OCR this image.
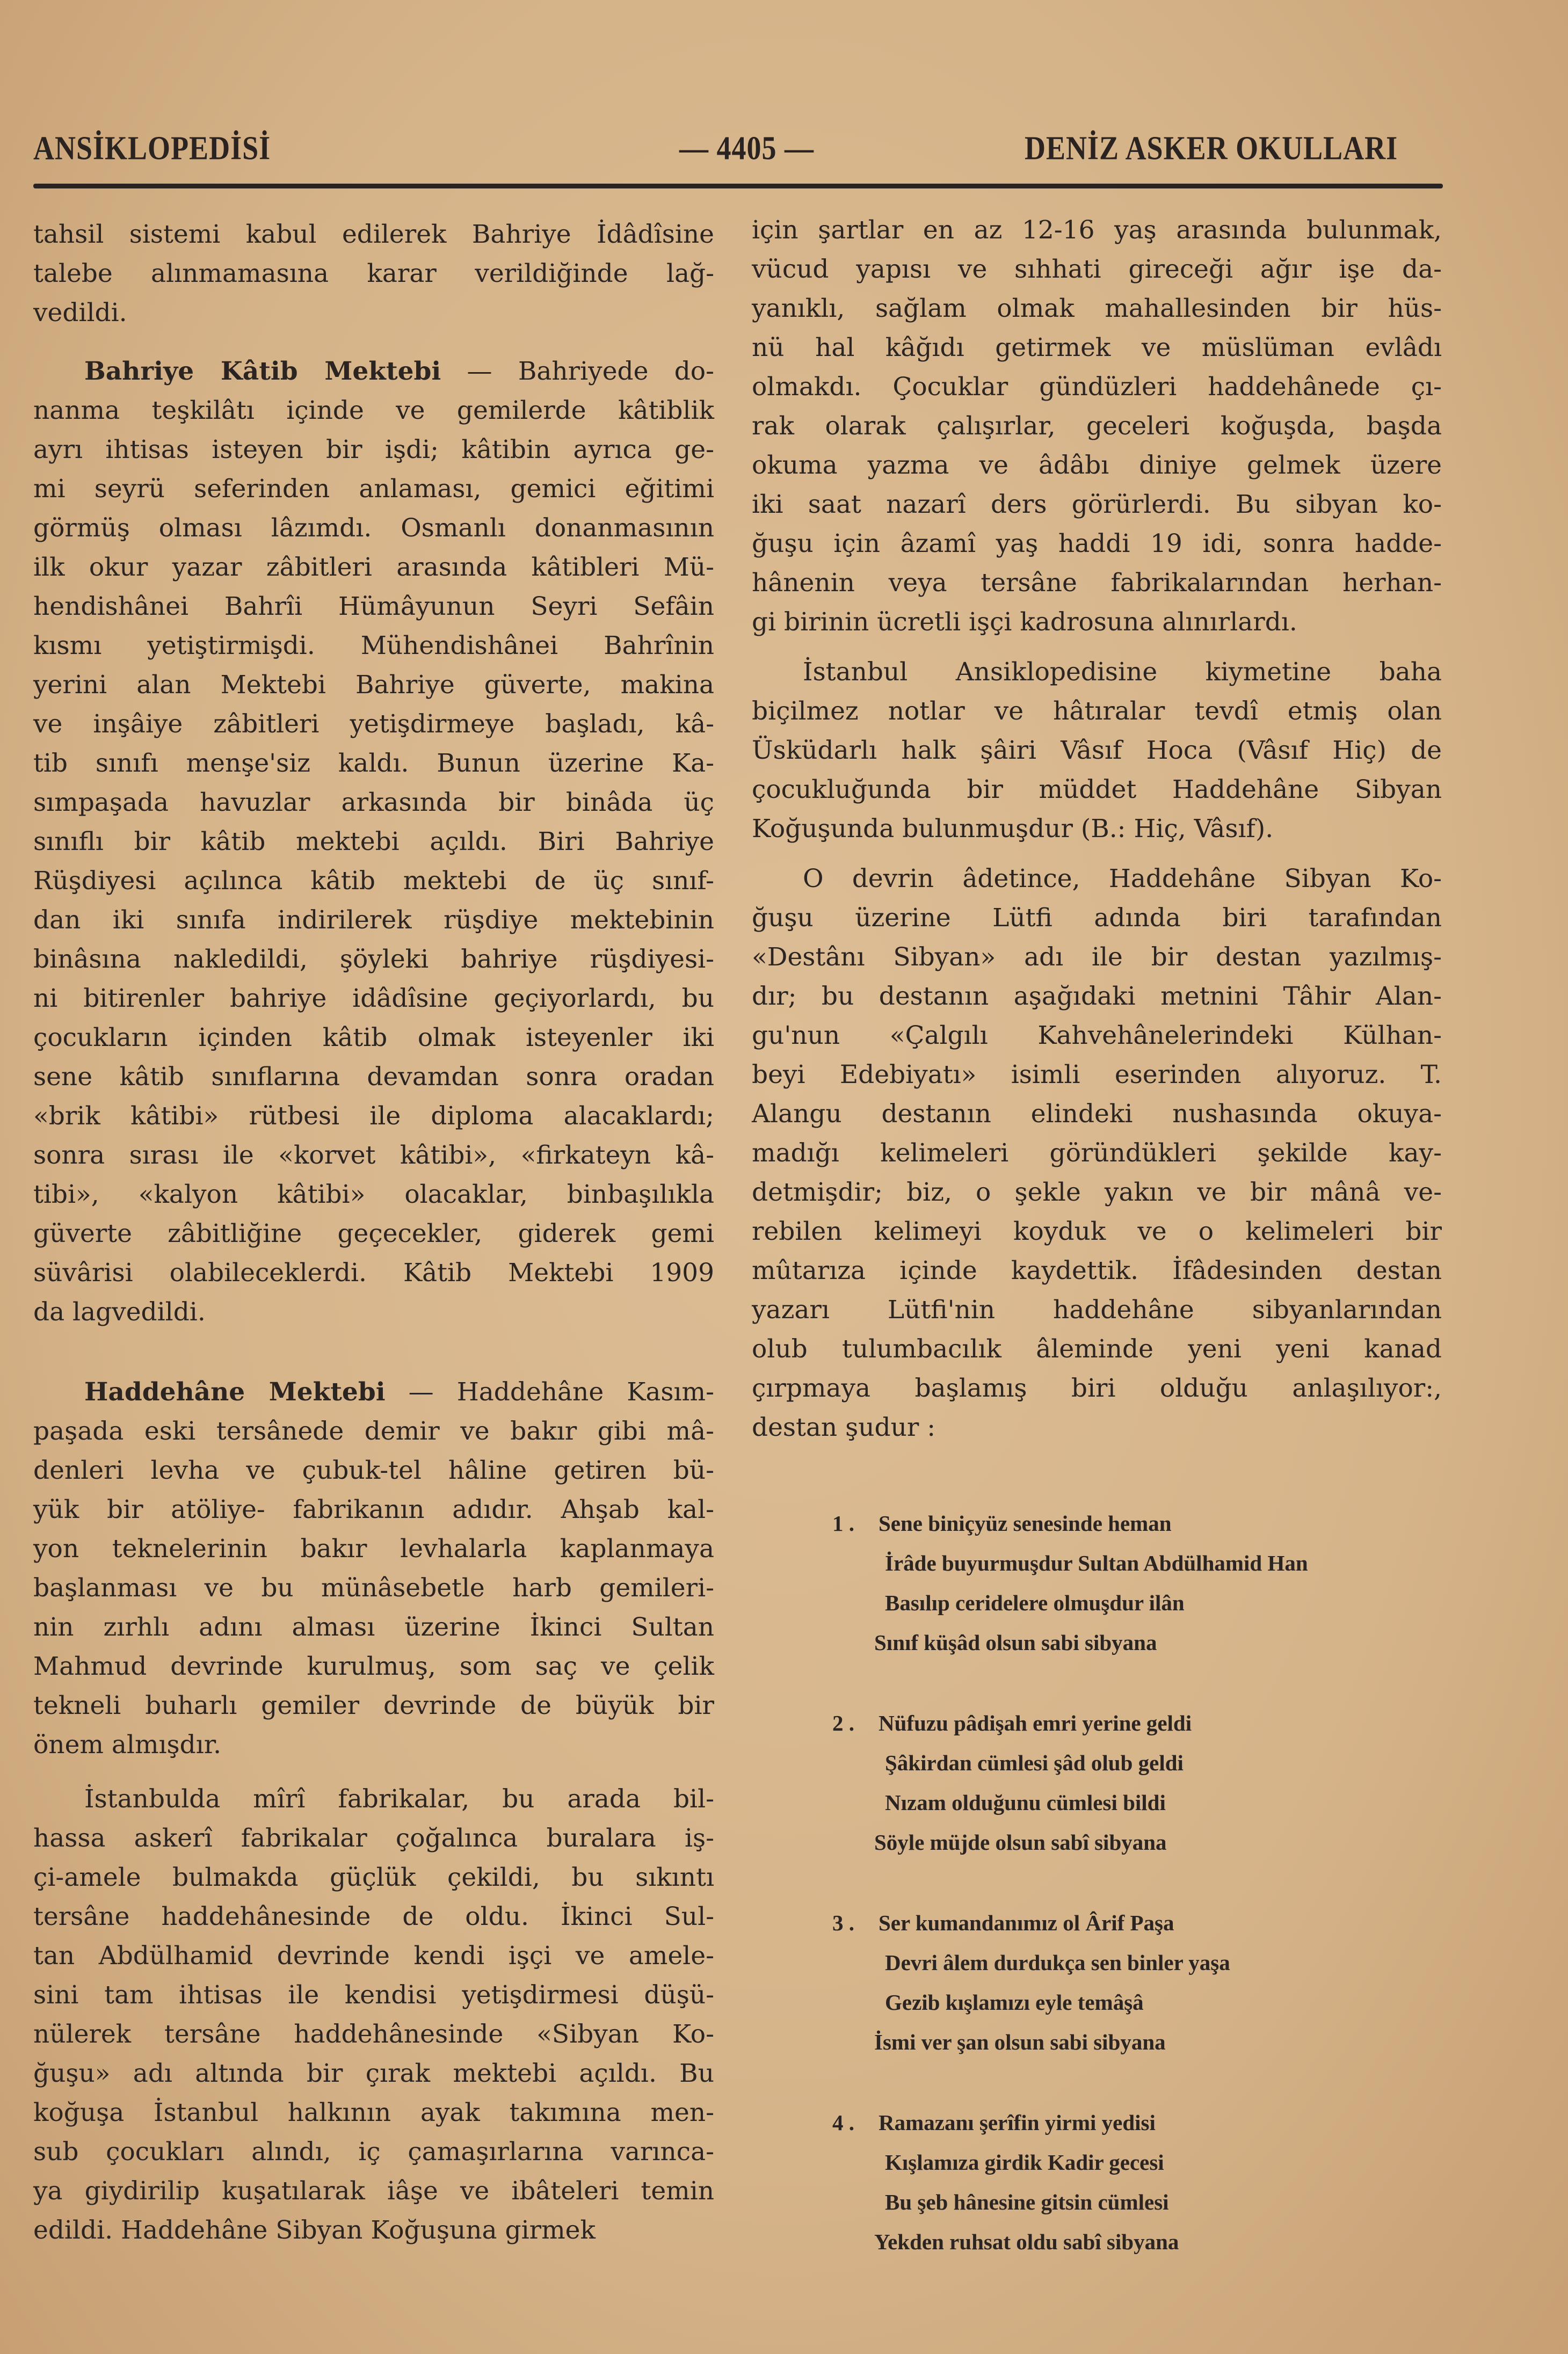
ANSİKLOPEDİSİ	— 4405 —	DENİZ ASKER OKULLARI
tahsil sistemi kabul edilerek Bahriye İdâdîsine
talebe alınmamasına karar verildiğinde lağ-
vedildi.
Bahriye Kâtib Mektebi — Bahriyede do-
nanma teşkilâtı içinde ve gemilerde kâtiblik
ayrı ihtisas isteyen bir işdi; kâtibin ayrıca ge-
mi seyrü seferinden anlaması, gemici eğitimi
görmüş olması lâzımdı. Osmanlı donanmasının
ilk okur yazar zâbitleri arasında kâtibleri Mü-
hendishânei Bahrîi Hümâyunun Seyri Sefâin
kısmı yetiştirmişdi. Mühendishânei Bahrînin
yerini alan Mektebi Bahriye güverte, makina
ve inşâiye zâbitleri yetişdirmeye başladı, kâ-
tib sınıfı menşe'siz kaldı. Bunun üzerine Ka-
sımpaşada havuzlar arkasında bir binâda üç
sınıflı bir kâtib mektebi açıldı. Biri Bahriye
Rüşdiyesi açılınca kâtib mektebi de üç sınıf-
dan iki sınıfa indirilerek rüşdiye mektebinin
binâsına nakledildi, şöyleki bahriye rüşdiyesi-
ni bitirenler bahriye idâdîsine geçiyorlardı, bu
çocukların içinden kâtib olmak isteyenler iki
sene kâtib sınıflarına devamdan sonra oradan
«brik kâtibi» rütbesi ile diploma alacaklardı;
sonra sırası ile «korvet kâtibi», «firkateyn kâ-
tibi», «kalyon kâtibi» olacaklar, binbaşılıkla
güverte zâbitliğine geçecekler, giderek gemi
süvârisi olabileceklerdi. Kâtib Mektebi 1909
da lagvedildi.
Haddehâne Mektebi — Haddehâne Kasım-
paşada eski tersânede demir ve bakır gibi mâ-
denleri levha ve çubuk-tel hâline getiren bü-
yük bir atöliye- fabrikanın adıdır. Ahşab kal-
yon teknelerinin bakır levhalarla kaplanmaya
başlanması ve bu münâsebetle harb gemileri-
nin zırhlı adını alması üzerine İkinci Sultan
Mahmud devrinde kurulmuş, som saç ve çelik
tekneli buharlı gemiler devrinde de büyük bir
önem almışdır.
İstanbulda mîrî fabrikalar, bu arada bil-
hassa askerî fabrikalar çoğalınca buralara iş-
çi-amele bulmakda güçlük çekildi, bu sıkıntı
tersâne haddehânesinde de oldu. İkinci Sul-
tan Abdülhamid devrinde kendi işçi ve amele-
sini tam ihtisas ile kendisi yetişdirmesi düşü-
nülerek tersâne haddehânesinde «Sibyan Ko-
ğuşu» adı altında bir çırak mektebi açıldı. Bu
koğuşa İstanbul halkının ayak takımına men-
sub çocukları alındı, iç çamaşırlarına varınca-
ya giydirilip kuşatılarak iâşe ve ibâteleri temin
edildi. Haddehâne Sibyan Koğuşuna girmek
için şartlar en az 12-16 yaş arasında bulunmak,
vücud yapısı ve sıhhati gireceği ağır işe da-
yanıklı, sağlam olmak mahallesinden bir hüs-
nü hal kâğıdı getirmek ve müslüman evlâdı
olmakdı. Çocuklar gündüzleri haddehânede çı-
rak olarak çalışırlar, geceleri koğuşda, başda
okuma yazma ve âdâbı diniye gelmek üzere
iki saat nazarî ders görürlerdi. Bu sibyan ko-
ğuşu için âzamî yaş haddi 19 idi, sonra hadde-
hânenin veya tersâne fabrikalarından herhan-
gi birinin ücretli işçi kadrosuna alınırlardı.
İstanbul Ansiklopedisine kiymetine baha
biçilmez notlar ve hâtıralar tevdî etmiş olan
Üsküdarlı halk şâiri Vâsıf Hoca (Vâsıf Hiç) de
çocukluğunda bir müddet Haddehâne Sibyan
Koğuşunda bulunmuşdur (B.: Hiç, Vâsıf).
O devrin âdetince, Haddehâne Sibyan Ko-
ğuşu üzerine Lütfi adında biri tarafından
«Destânı Sibyan» adı ile bir destan yazılmış-
dır; bu destanın aşağıdaki metnini Tâhir Alan-
gu'nun «Çalgılı Kahvehânelerindeki Külhan-
beyi Edebiyatı» isimli eserinden alıyoruz. T.
Alangu destanın elindeki nushasında okuya-
madığı kelimeleri göründükleri şekilde kay-
detmişdir; biz, o şekle yakın ve bir mânâ ve-
rebilen kelimeyi koyduk ve o kelimeleri bir
mûtarıza içinde kaydettik. İfâdesinden destan
yazarı Lütfi'nin haddehâne sibyanlarından
olub tulumbacılık âleminde yeni yeni kanad
çırpmaya başlamış biri olduğu anlaşılıyor:,
destan şudur :
1 . Sene biniçyüz senesinde heman
İrâde buyurmuşdur Sultan Abdülhamid Han
Basılıp ceridelere olmuşdur ilân
Sınıf küşâd olsun sabi sibyana
2 . Nüfuzu pâdişah emri yerine geldi
Şâkirdan cümlesi şâd olub geldi
Nızam olduğunu cümlesi bildi
Söyle müjde olsun sabî sibyana
3 . Ser kumandanımız ol Ârif Paşa
Devri âlem durdukça sen binler yaşa
Gezib kışlamızı eyle temâşâ
İsmi ver şan olsun sabi sibyana
4 . Ramazanı şerîfin yirmi yedisi
Kışlamıza girdik Kadir gecesi
Bu şeb hânesine gitsin cümlesi
Yekden ruhsat oldu sabî sibyana
